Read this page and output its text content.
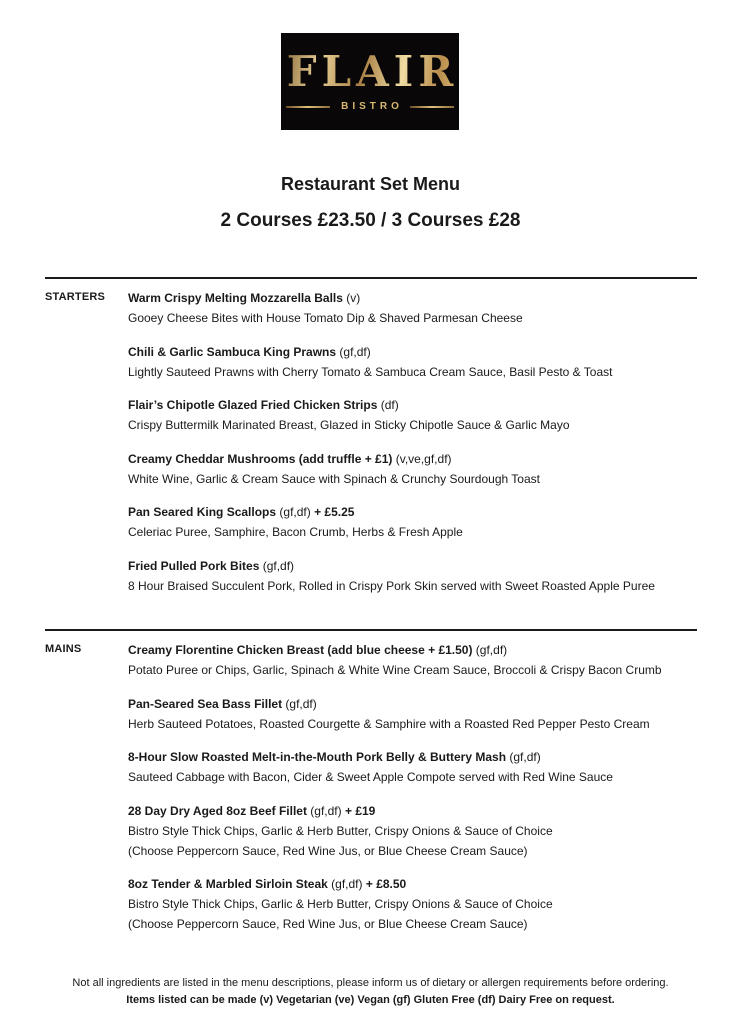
FLAIR
BISTRO
Restaurant Set Menu
2 Courses £23.50 / 3 Courses £28
STARTERS	Warm Crispy Melting Mozzarella Balls (v)
Gooey Cheese Bites with House Tomato Dip & Shaved Parmesan Cheese
Chili & Garlic Sambuca King Prawns (gf,df)
Lightly Sauteed Prawns with Cherry Tomato & Sambuca Cream Sauce, Basil Pesto & Toast
Flair’s Chipotle Glazed Fried Chicken Strips (df)
Crispy Buttermilk Marinated Breast, Glazed in Sticky Chipotle Sauce & Garlic Mayo
Creamy Cheddar Mushrooms (add truffle + £1) (v,ve,gf,df)
White Wine, Garlic & Cream Sauce with Spinach & Crunchy Sourdough Toast
Pan Seared King Scallops (gf,df) + £5.25
Celeriac Puree, Samphire, Bacon Crumb, Herbs & Fresh Apple
Fried Pulled Pork Bites (gf,df)
8 Hour Braised Succulent Pork, Rolled in Crispy Pork Skin served with Sweet Roasted Apple Puree
MAINS	Creamy Florentine Chicken Breast (add blue cheese + £1.50) (gf,df)
Potato Puree or Chips, Garlic, Spinach & White Wine Cream Sauce, Broccoli & Crispy Bacon Crumb
Pan-Seared Sea Bass Fillet (gf,df)
Herb Sauteed Potatoes, Roasted Courgette & Samphire with a Roasted Red Pepper Pesto Cream
8-Hour Slow Roasted Melt-in-the-Mouth Pork Belly & Buttery Mash (gf,df)
Sauteed Cabbage with Bacon, Cider & Sweet Apple Compote served with Red Wine Sauce
28 Day Dry Aged 8oz Beef Fillet (gf,df) + £19
Bistro Style Thick Chips, Garlic & Herb Butter, Crispy Onions & Sauce of Choice
(Choose Peppercorn Sauce, Red Wine Jus, or Blue Cheese Cream Sauce)
8oz Tender & Marbled Sirloin Steak (gf,df) + £8.50
Bistro Style Thick Chips, Garlic & Herb Butter, Crispy Onions & Sauce of Choice
(Choose Peppercorn Sauce, Red Wine Jus, or Blue Cheese Cream Sauce)
Not all ingredients are listed in the menu descriptions, please inform us of dietary or allergen requirements before ordering.
Items listed can be made (v) Vegetarian (ve) Vegan (gf) Gluten Free (df) Dairy Free on request.
